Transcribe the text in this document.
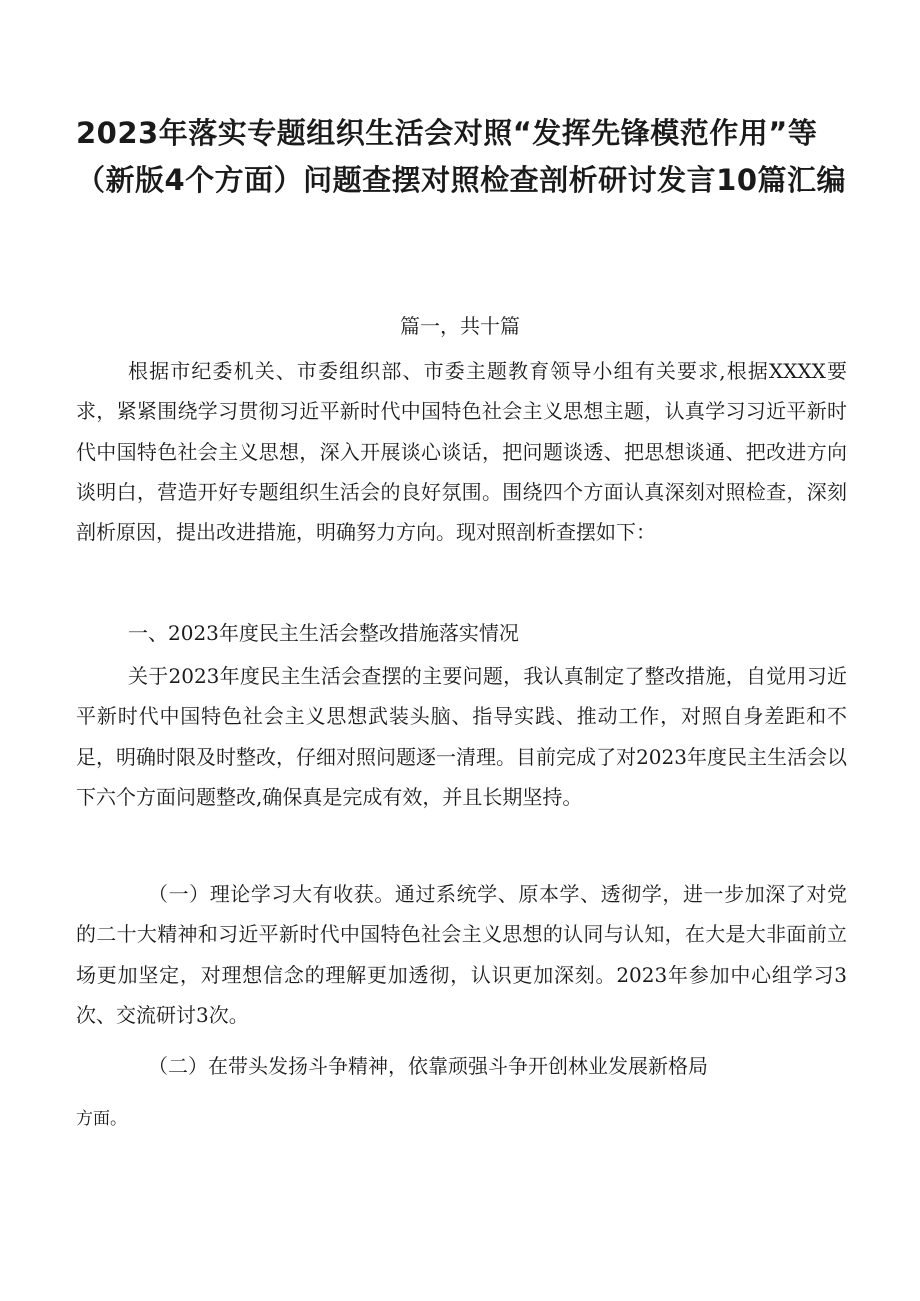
2023年落实专题组织生活会对照“发挥先锋模范作用”等（新版4个方面）问题查摆对照检查剖析研讨发言10篇汇编
篇一，共十篇

根据市纪委机关、市委组织部、市委主题教育领导小组有关要求,根据XXXX要求，紧紧围绕学习贯彻习近平新时代中国特色社会主义思想主题，认真学习习近平新时代中国特色社会主义思想，深入开展谈心谈话，把问题谈透、把思想谈通、把改进方向谈明白，营造开好专题组织生活会的良好氛围。围绕四个方面认真深刻对照检查，深刻剖析原因，提出改进措施，明确努力方向。现对照剖析查摆如下：

一、2023年度民主生活会整改措施落实情况

关于2023年度民主生活会查摆的主要问题，我认真制定了整改措施，自觉用习近平新时代中国特色社会主义思想武装头脑、指导实践、推动工作，对照自身差距和不足，明确时限及时整改，仔细对照问题逐一清理。目前完成了对2023年度民主生活会以下六个方面问题整改,确保真是完成有效，并且长期坚持。

（一）理论学习大有收获。通过系统学、原本学、透彻学，进一步加深了对党的二十大精神和习近平新时代中国特色社会主义思想的认同与认知，在大是大非面前立场更加坚定，对理想信念的理解更加透彻，认识更加深刻。2023年参加中心组学习3次、交流研讨3次。

（二）在带头发扬斗争精神，依靠顽强斗争开创林业发展新格局

方面。
